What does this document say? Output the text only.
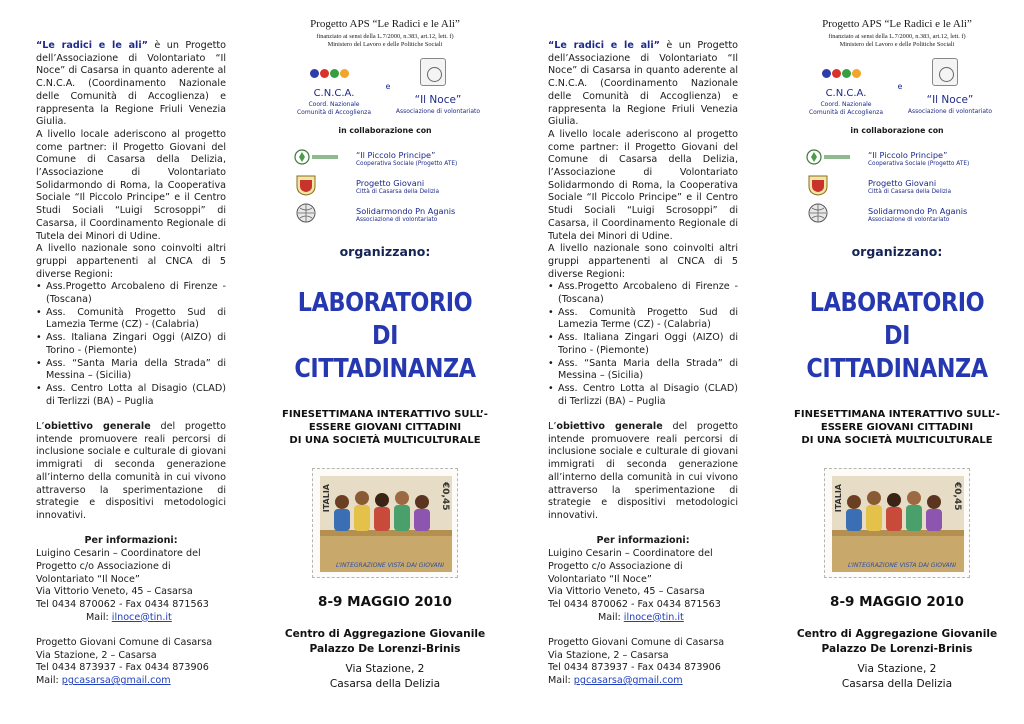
“Le radici e le ali” è un Progetto dell’Associazione di Volontariato “Il Noce” di Casarsa in quanto aderente al C.N.C.A. (Coordinamento Nazionale delle Comunità di Accoglienza) e rappresenta la Regione Friuli Venezia Giulia.

A livello locale aderiscono al progetto come partner: il Progetto Giovani del Comune di Casarsa della Delizia, l’Associazione di Volontariato Solidarmondo di Roma, la Cooperativa Sociale “Il Piccolo Principe” e il Centro Studi Sociali “Luigi Scrosoppi” di Casarsa, il Coordinamento Regionale di Tutela dei Minori di Udine.

A livello nazionale sono coinvolti altri gruppi appartenenti al CNCA di 5 diverse Regioni:

• Ass.Progetto Arcobaleno di Firenze - (Toscana)
• Ass. Comunità Progetto Sud di Lamezia Terme (CZ) - (Calabria)
• Ass. Italiana Zingari Oggi (AIZO) di Torino - (Piemonte)
• Ass. “Santa Maria della Strada” di Messina – (Sicilia)
• Ass. Centro Lotta al Disagio (CLAD) di Terlizzi (BA) – Puglia

L’obiettivo generale del progetto intende promuovere reali percorsi di inclusione sociale e culturale di giovani immigrati di seconda generazione all’interno della comunità in cui vivono attraverso la sperimentazione di strategie e dispositivi metodologici innovativi.

Per informazioni:

Luigino Cesarin – Coordinatore del
Progetto c/o Associazione di Volontariato “Il Noce”
Via Vittorio Veneto, 45 – Casarsa
Tel 0434 870062 - Fax 0434 871563
Mail: ilnoce@tin.it
Progetto Giovani Comune di Casarsa
Via Stazione, 2 – Casarsa
Tel 0434 873937 - Fax 0434 873906
Mail: pgcasarsa@gmail.com
Progetto APS “Le Radici e le Ali”
finanziato ai sensi della L.7/2000, n.383, art.12, lett. f)
Ministero del Lavoro e delle Politiche Sociali
C.N.C.A.
Coord. Nazionale
Comunità di Accoglienza
e
“Il Noce”
Associazione di volontariato
in collaborazione con
“Il Piccolo Principe”
Cooperativa Sociale (Progetto ATE)
Progetto Giovani
Città di Casarsa della Delizia
Solidarmondo Pn Aganis
Associazione di volontariato
organizzano:
LABORATORIO
DI
CITTADINANZA
FINESETTIMANA INTERATTIVO SULL’-
ESSERE GIOVANI CITTADINI
DI UNA SOCIETÀ MULTICULTURALE
ITALIA	€0,45
L’INTEGRAZIONE VISTA DAI GIOVANI
8-9 MAGGIO 2010
Centro di Aggregazione Giovanile
Palazzo De Lorenzi-Brinis
Via Stazione, 2
Casarsa della Delizia

“Le radici e le ali” è un Progetto dell’Associazione di Volontariato “Il Noce” di Casarsa in quanto aderente al C.N.C.A. (Coordinamento Nazionale delle Comunità di Accoglienza) e rappresenta la Regione Friuli Venezia Giulia.

A livello locale aderiscono al progetto come partner: il Progetto Giovani del Comune di Casarsa della Delizia, l’Associazione di Volontariato Solidarmondo di Roma, la Cooperativa Sociale “Il Piccolo Principe” e il Centro Studi Sociali “Luigi Scrosoppi” di Casarsa, il Coordinamento Regionale di Tutela dei Minori di Udine.

A livello nazionale sono coinvolti altri gruppi appartenenti al CNCA di 5 diverse Regioni:

• Ass.Progetto Arcobaleno di Firenze - (Toscana)
• Ass. Comunità Progetto Sud di Lamezia Terme (CZ) - (Calabria)
• Ass. Italiana Zingari Oggi (AIZO) di Torino - (Piemonte)
• Ass. “Santa Maria della Strada” di Messina – (Sicilia)
• Ass. Centro Lotta al Disagio (CLAD) di Terlizzi (BA) – Puglia

L’obiettivo generale del progetto intende promuovere reali percorsi di inclusione sociale e culturale di giovani immigrati di seconda generazione all’interno della comunità in cui vivono attraverso la sperimentazione di strategie e dispositivi metodologici innovativi.

Per informazioni:

Luigino Cesarin – Coordinatore del
Progetto c/o Associazione di Volontariato “Il Noce”
Via Vittorio Veneto, 45 – Casarsa
Tel 0434 870062 - Fax 0434 871563
Mail: ilnoce@tin.it
Progetto Giovani Comune di Casarsa
Via Stazione, 2 – Casarsa
Tel 0434 873937 - Fax 0434 873906
Mail: pgcasarsa@gmail.com
Progetto APS “Le Radici e le Ali”
finanziato ai sensi della L.7/2000, n.383, art.12, lett. f)
Ministero del Lavoro e delle Politiche Sociali
C.N.C.A.
Coord. Nazionale
Comunità di Accoglienza
e
“Il Noce”
Associazione di volontariato
in collaborazione con
“Il Piccolo Principe”
Cooperativa Sociale (Progetto ATE)
Progetto Giovani
Città di Casarsa della Delizia
Solidarmondo Pn Aganis
Associazione di volontariato
organizzano:
LABORATORIO
DI
CITTADINANZA
FINESETTIMANA INTERATTIVO SULL’-
ESSERE GIOVANI CITTADINI
DI UNA SOCIETÀ MULTICULTURALE
ITALIA	€0,45
L’INTEGRAZIONE VISTA DAI GIOVANI
8-9 MAGGIO 2010
Centro di Aggregazione Giovanile
Palazzo De Lorenzi-Brinis
Via Stazione, 2
Casarsa della Delizia
